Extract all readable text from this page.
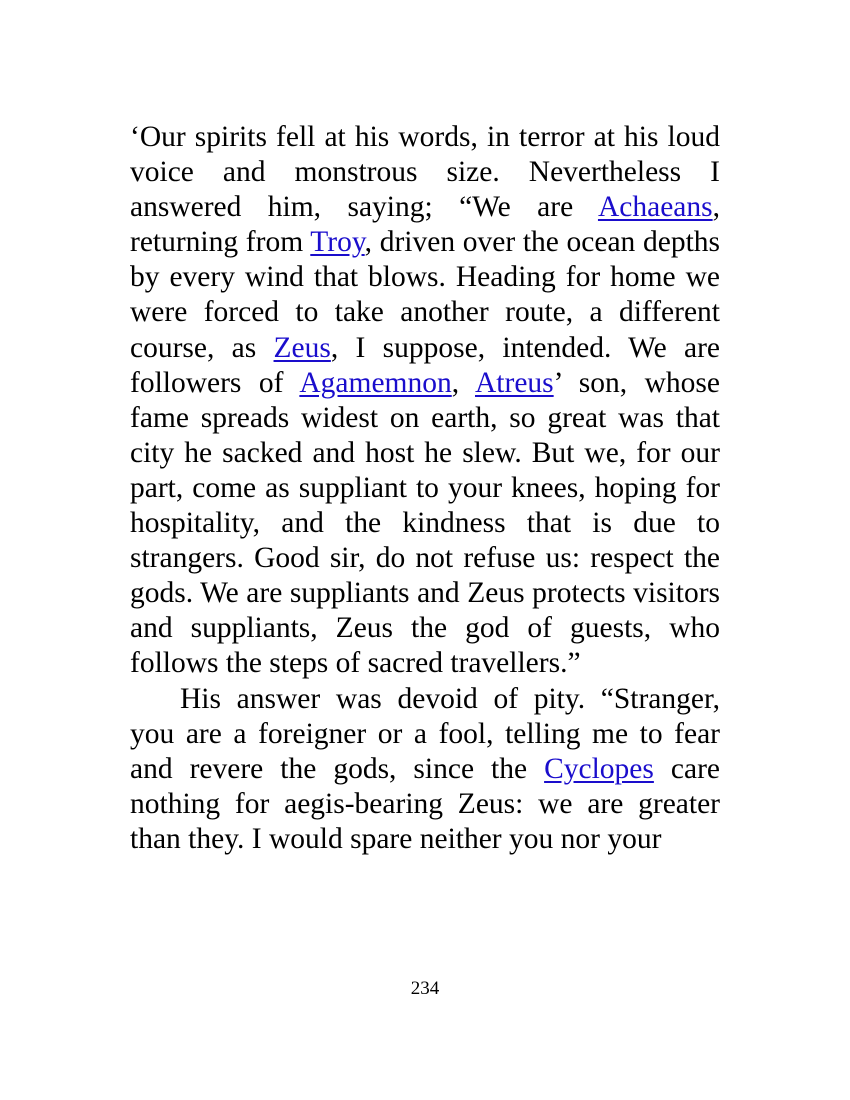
‘Our spirits fell at his words, in terror at his loud voice and monstrous size. Nevertheless I answered him, saying; “We are Achaeans, returning from Troy, driven over the ocean depths by every wind that blows. Heading for home we were forced to take another route, a different course, as Zeus, I suppose, intended. We are followers of Agamemnon, Atreus’ son, whose fame spreads widest on earth, so great was that city he sacked and host he slew. But we, for our part, come as suppliant to your knees, hoping for hospitality, and the kindness that is due to strangers. Good sir, do not refuse us: respect the gods. We are suppliants and Zeus protects visitors and suppliants, Zeus the god of guests, who follows the steps of sacred travellers.”

His answer was devoid of pity. “Stranger, you are a foreigner or a fool, telling me to fear and revere the gods, since the Cyclopes care nothing for aegis-bearing Zeus: we are greater than they. I would spare neither you nor your

234
